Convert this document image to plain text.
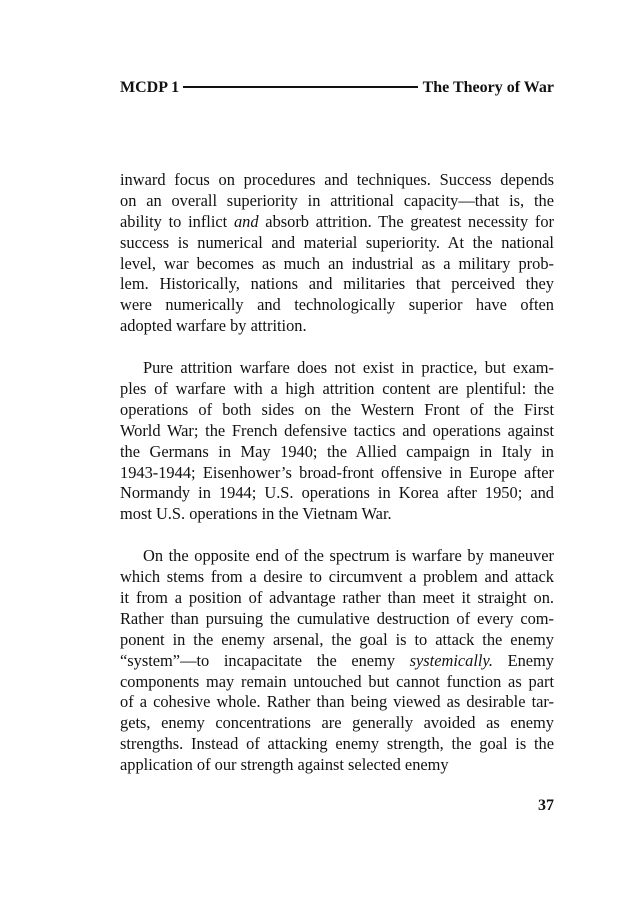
MCDP 1	The Theory of War
inward focus on procedures and techniques. Success depends
on an overall superiority in attritional capacity—that is, the
ability to inflict and absorb attrition. The greatest necessity for
success is numerical and material superiority. At the national
level, war becomes as much an industrial as a military prob-
lem. Historically, nations and militaries that perceived they
were numerically and technologically superior have often
adopted warfare by attrition.
Pure attrition warfare does not exist in practice, but exam-
ples of warfare with a high attrition content are plentiful: the
operations of both sides on the Western Front of the First
World War; the French defensive tactics and operations against
the Germans in May 1940; the Allied campaign in Italy in
1943-1944; Eisenhower’s broad-front offensive in Europe after
Normandy in 1944; U.S. operations in Korea after 1950; and
most U.S. operations in the Vietnam War.
On the opposite end of the spectrum is warfare by maneuver
which stems from a desire to circumvent a problem and attack
it from a position of advantage rather than meet it straight on.
Rather than pursuing the cumulative destruction of every com-
ponent in the enemy arsenal, the goal is to attack the enemy
“system”—to incapacitate the enemy systemically. Enemy
components may remain untouched but cannot function as part
of a cohesive whole. Rather than being viewed as desirable tar-
gets, enemy concentrations are generally avoided as enemy
strengths. Instead of attacking enemy strength, the goal is the
application of our strength against selected enemy
37
